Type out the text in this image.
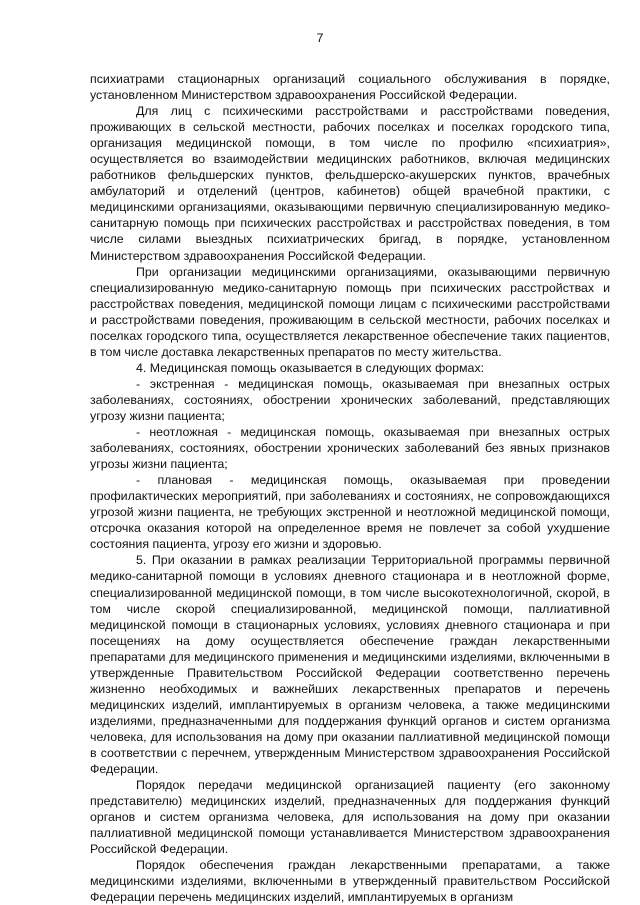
7

психиатрами стационарных организаций социального обслуживания в порядке, установленном Министерством здравоохранения Российской Федерации.

Для лиц с психическими расстройствами и расстройствами поведения, проживающих в сельской местности, рабочих поселках и поселках городского типа, организация медицинской помощи, в том числе по профилю «психиатрия», осуществляется во взаимодействии медицинских работников, включая медицинских работников фельдшерских пунктов, фельдшерско-акушерских пунктов, врачебных амбулаторий и отделений (центров, кабинетов) общей врачебной практики, с медицинскими организациями, оказывающими первичную специализированную медико-санитарную помощь при психических расстройствах и расстройствах поведения, в том числе силами выездных психиатрических бригад, в порядке, установленном Министерством здравоохранения Российской Федерации.

При организации медицинскими организациями, оказывающими первичную специализированную медико-санитарную помощь при психических расстройствах и расстройствах поведения, медицинской помощи лицам с психическими расстройствами и расстройствами поведения, проживающим в сельской местности, рабочих поселках и поселках городского типа, осуществляется лекарственное обеспечение таких пациентов, в том числе доставка лекарственных препаратов по месту жительства.

4. Медицинская помощь оказывается в следующих формах:

- экстренная - медицинская помощь, оказываемая при внезапных острых заболеваниях, состояниях, обострении хронических заболеваний, представляющих угрозу жизни пациента;

- неотложная - медицинская помощь, оказываемая при внезапных острых заболеваниях, состояниях, обострении хронических заболеваний без явных признаков угрозы жизни пациента;

- плановая - медицинская помощь, оказываемая при проведении профилактических мероприятий, при заболеваниях и состояниях, не сопровождающихся угрозой жизни пациента, не требующих экстренной и неотложной медицинской помощи, отсрочка оказания которой на определенное время не повлечет за собой ухудшение состояния пациента, угрозу его жизни и здоровью.

5. При оказании в рамках реализации Территориальной программы первичной медико-санитарной помощи в условиях дневного стационара и в неотложной форме, специализированной медицинской помощи, в том числе высокотехнологичной, скорой, в том числе скорой специализированной, медицинской помощи, паллиативной медицинской помощи в стационарных условиях, условиях дневного стационара и при посещениях на дому осуществляется обеспечение граждан лекарственными препаратами для медицинского применения и медицинскими изделиями, включенными в утвержденные Правительством Российской Федерации соответственно перечень жизненно необходимых и важнейших лекарственных препаратов и перечень медицинских изделий, имплантируемых в организм человека, а также медицинскими изделиями, предназначенными для поддержания функций органов и систем организма человека, для использования на дому при оказании паллиативной медицинской помощи в соответствии с перечнем, утвержденным Министерством здравоохранения Российской Федерации.

Порядок передачи медицинской организацией пациенту (его законному представителю) медицинских изделий, предназначенных для поддержания функций органов и систем организма человека, для использования на дому при оказании паллиативной медицинской помощи устанавливается Министерством здравоохранения Российской Федерации.

Порядок обеспечения граждан лекарственными препаратами, а также медицинскими изделиями, включенными в утвержденный правительством Российской Федерации перечень медицинских изделий, имплантируемых в организм
